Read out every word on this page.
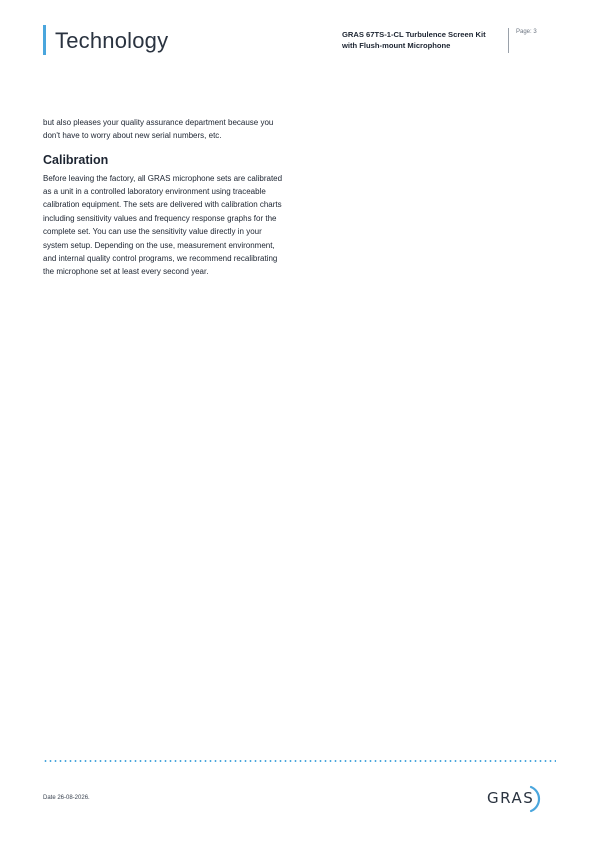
Technology	GRAS 67TS-1-CL Turbulence Screen Kit with Flush-mount Microphone
Page: 3

but also pleases your quality assurance department because you don't have to worry about new serial numbers, etc.

Calibration

Before leaving the factory, all GRAS microphone sets are calibrated as a unit in a controlled laboratory environment using traceable calibration equipment. The sets are delivered with calibration charts including sensitivity values and frequency response graphs for the complete set. You can use the sensitivity value directly in your system setup. Depending on the use, measurement environment, and internal quality control programs, we recommend recalibrating the microphone set at least every second year.

Date 26-08-2026.	GRAS
